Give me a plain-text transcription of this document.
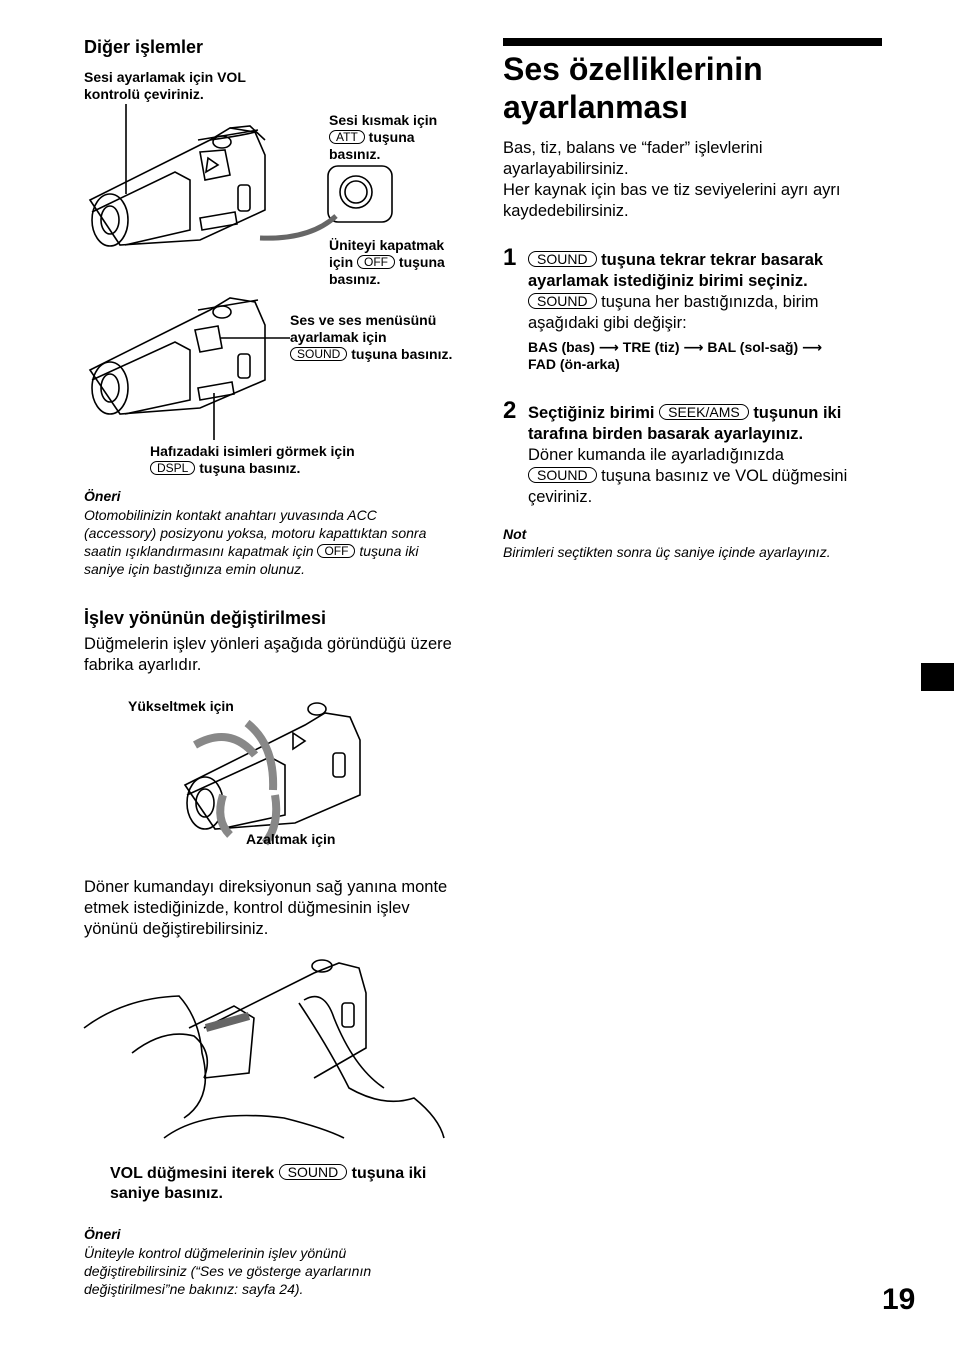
Diğer işlemler
Sesi ayarlamak için VOL kontrolü çeviriniz.
Sesi kısmak için
ATT tuşuna basınız.
Üniteyi kapatmak için OFF tuşuna basınız.
Ses ve ses menüsünü ayarlamak için
SOUND tuşuna basınız.
Hafızadaki isimleri görmek için
DSPL tuşuna basınız.
Öneri
Otomobilinizin kontakt anahtarı yuvasında ACC (accessory) posizyonu yoksa, motoru kapattıktan sonra saatin ışıklandırmasını kapatmak için OFF tuşuna iki saniye için bastığınıza emin olunuz.
İşlev yönünün değiştirilmesi
Düğmelerin işlev yönleri aşağıda göründüğü üzere fabrika ayarlıdır.
Yükseltmek için
Azaltmak için
Döner kumandayı direksiyonun sağ yanına monte etmek istediğinizde, kontrol düğmesinin işlev yönünü değiştirebilirsiniz.
VOL düğmesini iterek SOUND tuşuna iki saniye basınız.
Öneri
Üniteyle kontrol düğmelerinin işlev yönünü değiştirebilirsiniz (“Ses ve gösterge ayarlarının değiştirilmesi”ne bakınız: sayfa 24).
Ses özelliklerinin ayarlanması
Bas, tiz, balans ve “fader” işlevlerini ayarlayabilirsiniz.
Her kaynak için bas ve tiz seviyelerini ayrı ayrı kaydedebilirsiniz.
1	SOUND tuşuna tekrar tekrar basarak ayarlamak istediğiniz birimi seçiniz.
SOUND tuşuna her bastığınızda, birim aşağıdaki gibi değişir:
BAS (bas) ⟶ TRE (tiz) ⟶ BAL (sol-sağ) ⟶
FAD (ön-arka)
2 Seçtiğiniz birimi SEEK/AMS tuşunun iki tarafına birden basarak ayarlayınız.
Döner kumanda ile ayarladığınızda
SOUND tuşuna basınız ve VOL düğmesini çeviriniz.
Not
Birimleri seçtikten sonra üç saniye içinde ayarlayınız.
19
